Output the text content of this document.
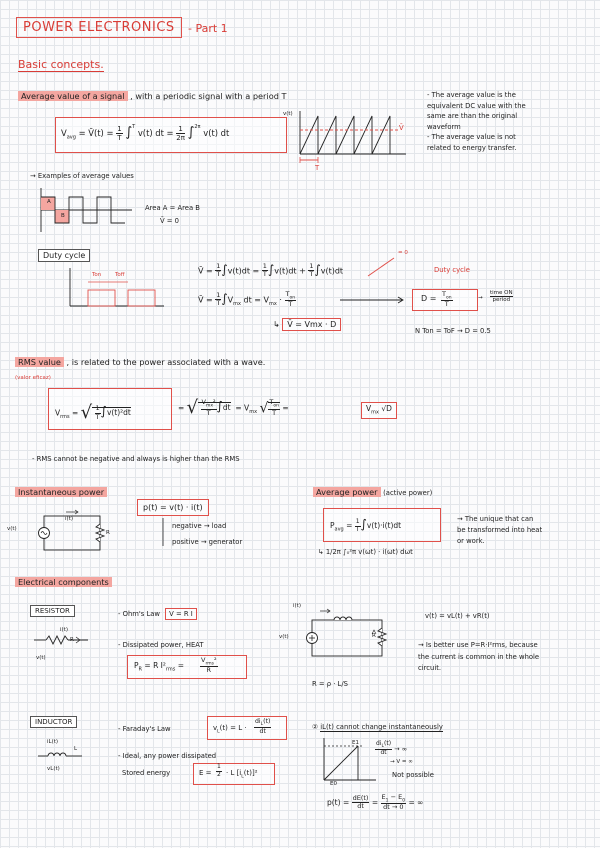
POWER ELECTRONICS	- Part 1
Basic concepts.
Average value of a signal , with a periodic signal with a period T
$V_{avg}$ = V̄(t) = $\frac{1}{T} \int^T$ v(t) dt = $\frac{1}{2\pi} \int^{2\pi}$ v(t) dt
v(t)
V̄
T
- The average value is the
equivalent DC value with the
same are than the original
waveform
- The average value is not
related to energy transfer.
→ Examples of average values
A
B
Area A = Area B
V̄ = 0
Duty cycle
Ton Toff	V̄ = $\frac{1}{T} \int v(t)dt = \frac{1}{T} \int v(t)dt + \frac{1}{T} \int v(t)dt$
= 0
V̄ = $\frac{1}{T} \int V_{mx}$ dt = $V_{mx} \cdot \frac{T_{on}}{T}$
↳ V̄ = Vmx · D
Duty cycle
$D = T_{on}$
T
→
time ON
period
N Ton = ToF → D = 0.5
RMS value , is related to the power associated with a wave.
(valor eficaz)
$V_{rms}$ = √ $\frac{1}{T} \int v(t)^2dt$
= √ $\frac{V_{mx}^2}{T} \int dt = V_{mx}$ √ $\frac{T_{on}}{T}$ =	$V_{mx}$ √D
- RMS cannot be negative and always is higher than the RMS
Instantaneous power
v(t)
i(t)
R
p(t) = v(t) · i(t)
negative → load
positive → generator
Average power (active power)
$P_{avg} = \frac{1}{T} \int v(t)\cdot i(t)dt$
↳ 1/2π ∫₀²π v(ωt) · i(ωt) dωt
→ The unique that can
be transformed into heat
or work.
Electrical components
RESISTOR
i(t)
R
v(t)
- Ohm's Law V = R I
- Dissipated power, HEAT
$P_R = R$ $I^2_{rms}$ =
$V_{rms}^2$
R
i(t)
v(t)	R
R = ρ · L/S
v(t) = vL(t) + vR(t)
→ Is better use P=R·I²rms, because
the current is common in the whole
circuit.
INDUCTOR
iL(t)
L
vL(t)
- Faraday's Law	$v_L(t) = L$ ·
$di_L(t)$
dt
- Ideal, any power dissipated
Stored energy	$E = \frac{1}{2} \cdot L$ $[i_L(t)]^2$
② iL(t) cannot change instantaneously
E1
E0
$\frac{di_L(t)}{dt}$ → ∞
→ V = ∞
Not possible
$p(t) = \frac{dE(t)}{dt} = \frac{E_1 - E_0}{dt \to 0}$ = ∞
